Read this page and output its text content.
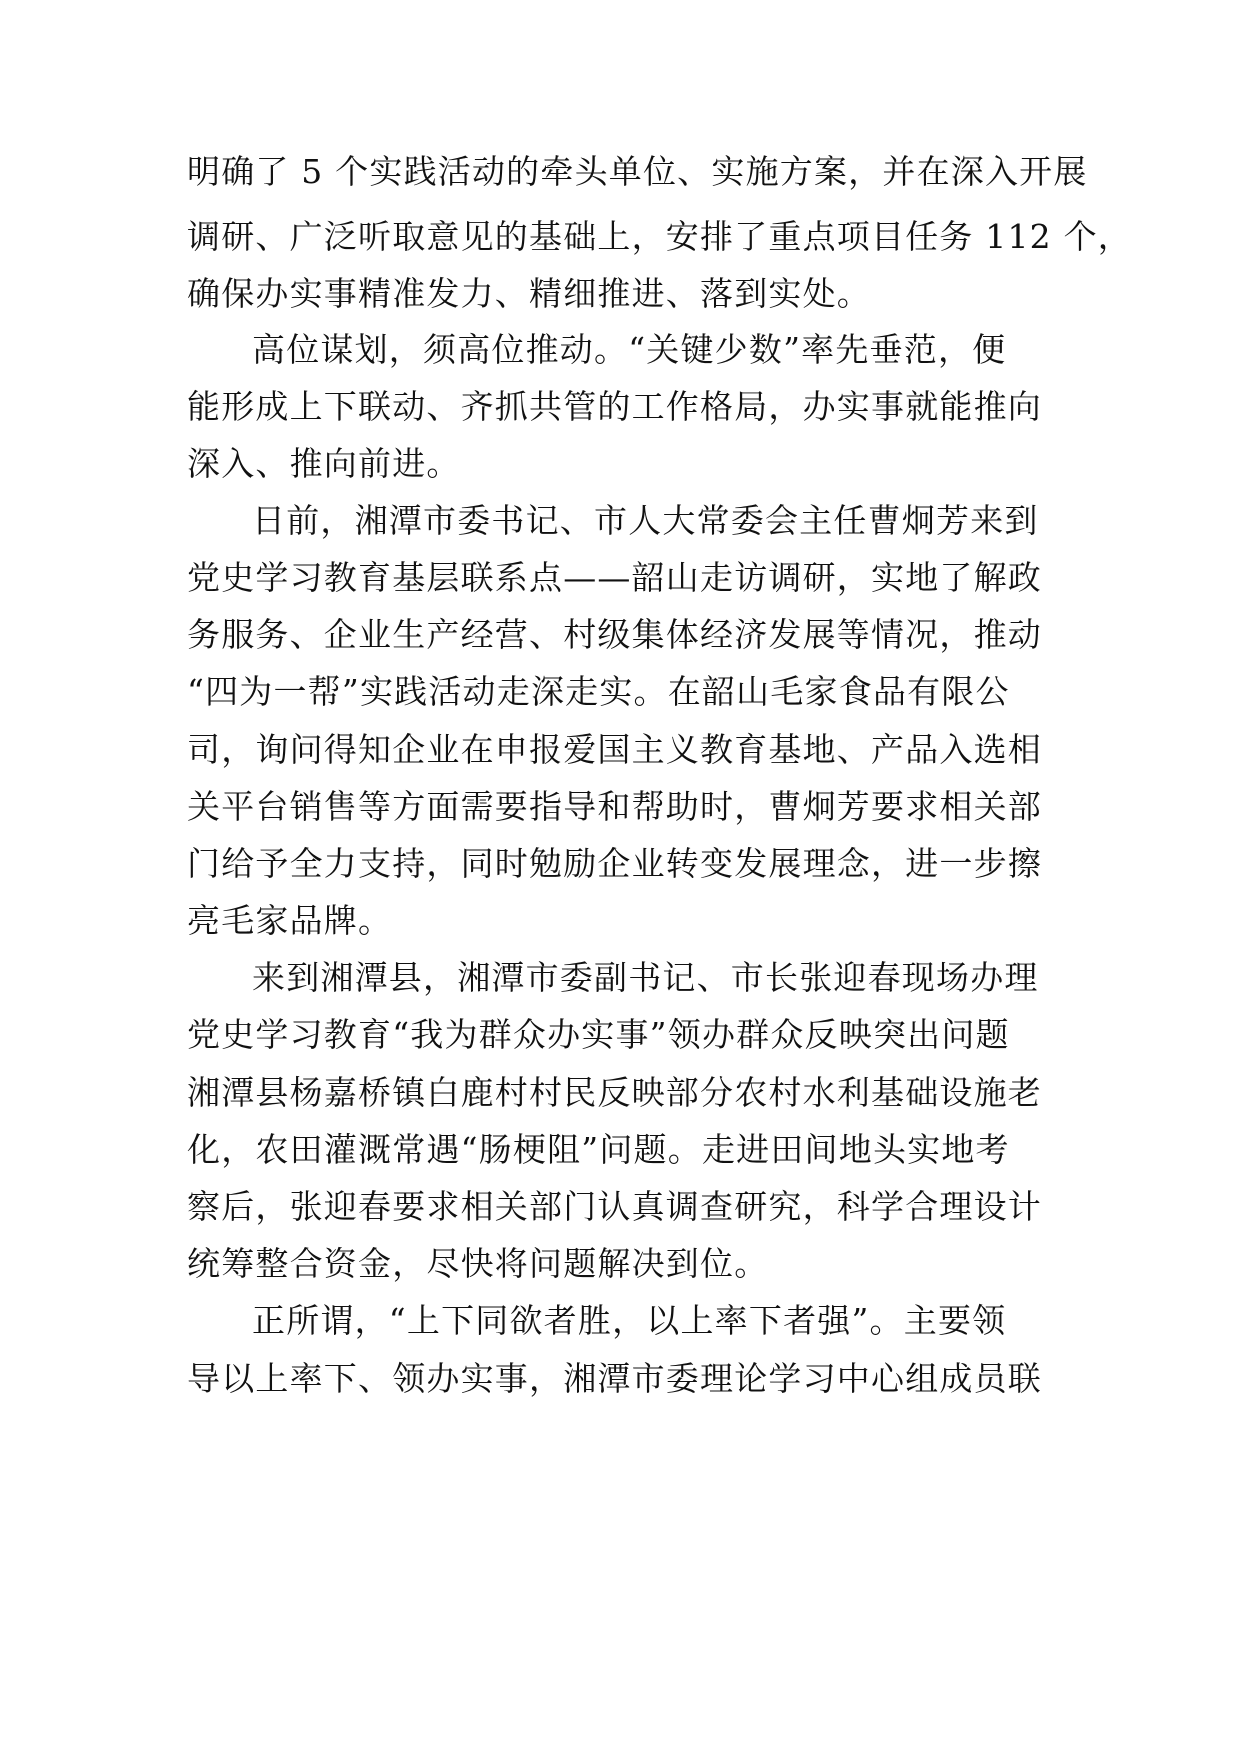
明确了 5 个实践活动的牵头单位、实施方案，并在深入开展
调研、广泛听取意见的基础上，安排了重点项目任务 112 个，
确保办实事精准发力、精细推进、落到实处。
高位谋划，须高位推动。“关键少数”率先垂范，便
能形成上下联动、齐抓共管的工作格局，办实事就能推向
深入、推向前进。
日前，湘潭市委书记、市人大常委会主任曹炯芳来到
党史学习教育基层联系点——韶山走访调研，实地了解政
务服务、企业生产经营、村级集体经济发展等情况，推动
“四为一帮”实践活动走深走实。在韶山毛家食品有限公
司，询问得知企业在申报爱国主义教育基地、产品入选相
关平台销售等方面需要指导和帮助时，曹炯芳要求相关部
门给予全力支持，同时勉励企业转变发展理念，进一步擦
亮毛家品牌。
来到湘潭县，湘潭市委副书记、市长张迎春现场办理
党史学习教育“我为群众办实事”领办群众反映突出问题
湘潭县杨嘉桥镇白鹿村村民反映部分农村水利基础设施老
化，农田灌溉常遇“肠梗阻”问题。走进田间地头实地考
察后，张迎春要求相关部门认真调查研究，科学合理设计
统筹整合资金，尽快将问题解决到位。
正所谓，“上下同欲者胜，以上率下者强”。主要领
导以上率下、领办实事，湘潭市委理论学习中心组成员联
